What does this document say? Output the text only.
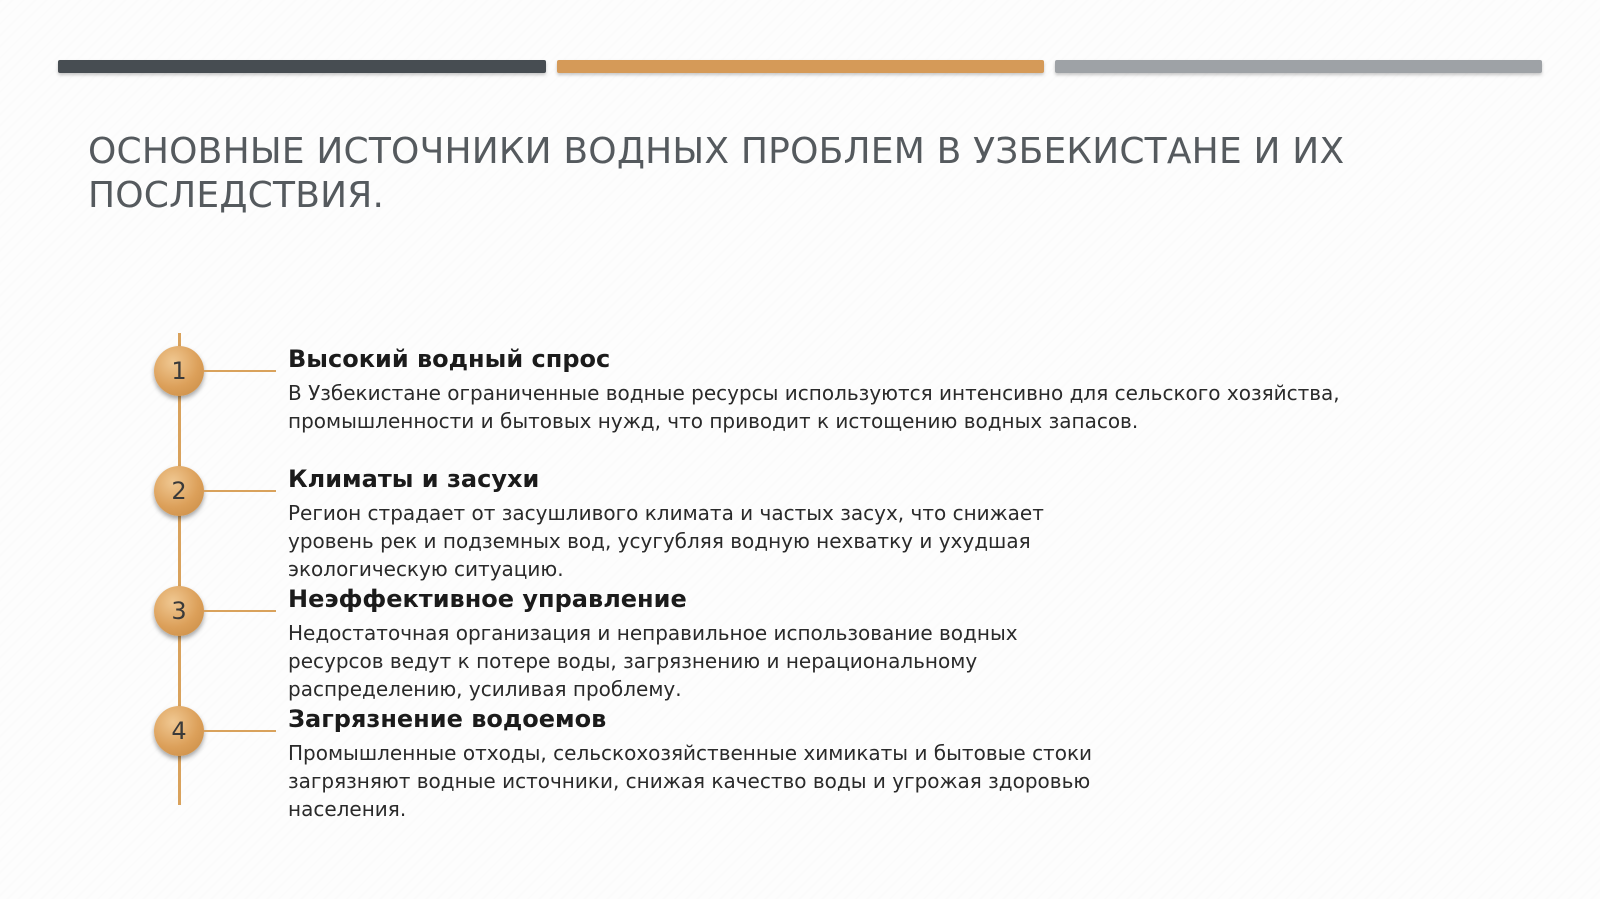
ОСНОВНЫЕ ИСТОЧНИКИ ВОДНЫХ ПРОБЛЕМ В УЗБЕКИСТАНЕ И ИХ ПОСЛЕДСТВИЯ.
1	Высокий водный спрос

В Узбекистане ограниченные водные ресурсы используются интенсивно для сельского хозяйства, промышленности и бытовых нужд, что приводит к истощению водных запасов.

2	Климаты и засухи

Регион страдает от засушливого климата и частых засух, что снижает уровень рек и подземных вод, усугубляя водную нехватку и ухудшая экологическую ситуацию.

3	Неэффективное управление

Недостаточная организация и неправильное использование водных ресурсов ведут к потере воды, загрязнению и нерациональному распределению, усиливая проблему.

4	Загрязнение водоемов

Промышленные отходы, сельскохозяйственные химикаты и бытовые стоки загрязняют водные источники, снижая качество воды и угрожая здоровью населения.
